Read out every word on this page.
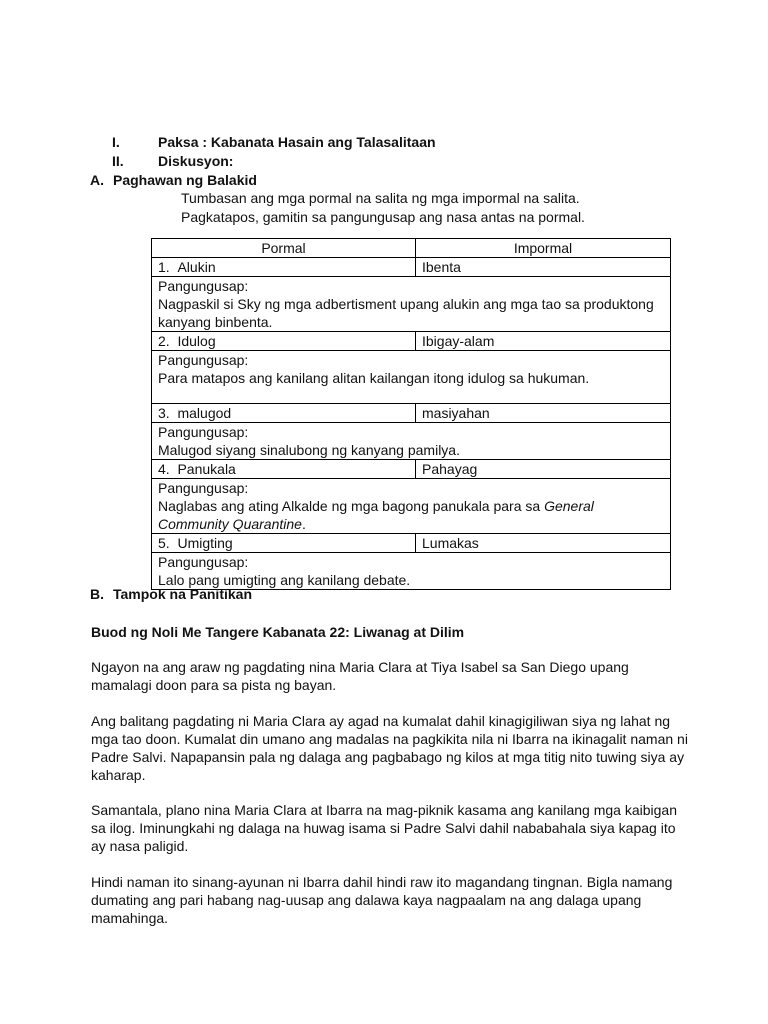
I.	Paksa : Kabanata Hasain ang Talasalitaan
II. Diskusyon:
A. Paghawan ng Balakid
Tumbasan ang mga pormal na salita ng mga impormal na salita.
Pagkatapos, gamitin sa pangungusap ang nasa antas na pormal.
Pormal	Impormal
1. Alukin	Ibenta

Pangungusap:
Nagpaskil si Sky ng mga adbertisment upang alukin ang mga tao sa produktong kanyang binbenta.	

2. Idulog	Ibigay-alam

Pangungusap:
Para matapos ang kanilang alitan kailangan itong idulog sa hukuman.	

3. malugod	masiyahan

Pangungusap:
Malugod siyang sinalubong ng kanyang pamilya.	

4. Panukala	Pahayag

Pangungusap:
Naglabas ang ating Alkalde ng mga bagong panukala para sa General Community Quarantine.	

5. Umigting	Lumakas

Pangungusap:
Lalo pang umigting ang kanilang debate.	
B. Tampok na Panitikan
Buod ng Noli Me Tangere Kabanata 22: Liwanag at Dilim
Ngayon na ang araw ng pagdating nina Maria Clara at Tiya Isabel sa San Diego upang mamalagi doon para sa pista ng bayan.
Ang balitang pagdating ni Maria Clara ay agad na kumalat dahil kinagigiliwan siya ng lahat ng mga tao doon. Kumalat din umano ang madalas na pagkikita nila ni Ibarra na ikinagalit naman ni Padre Salvi. Napapansin pala ng dalaga ang pagbabago ng kilos at mga titig nito tuwing siya ay kaharap.
Samantala, plano nina Maria Clara at Ibarra na mag-piknik kasama ang kanilang mga kaibigan sa ilog. Iminungkahi ng dalaga na huwag isama si Padre Salvi dahil nababahala siya kapag ito ay nasa paligid.
Hindi naman ito sinang-ayunan ni Ibarra dahil hindi raw ito magandang tingnan. Bigla namang dumating ang pari habang nag-uusap ang dalawa kaya nagpaalam na ang dalaga upang mamahinga.
